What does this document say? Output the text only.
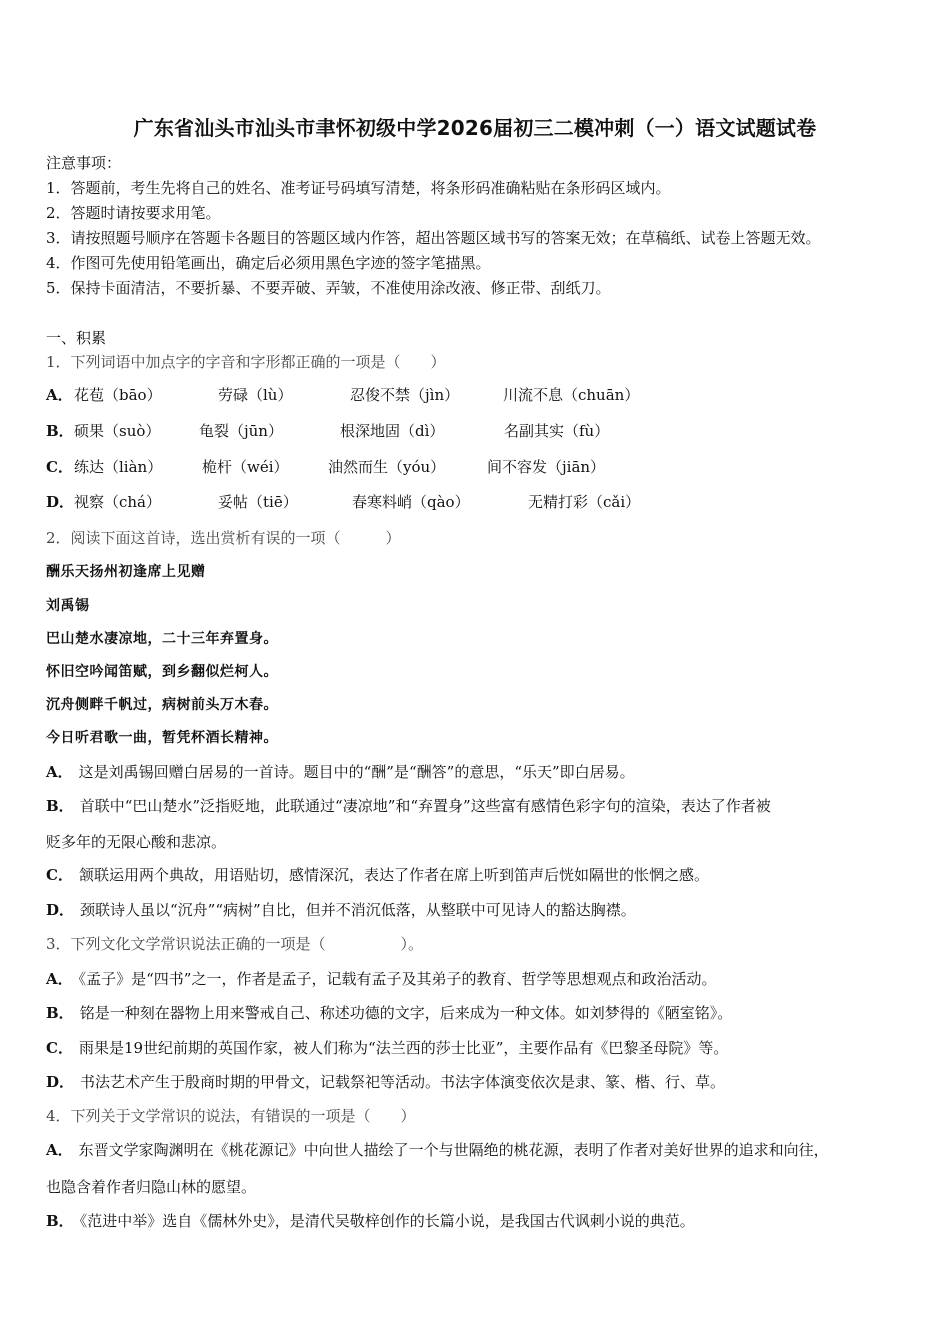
广东省汕头市汕头市聿怀初级中学2026届初三二模冲刺（一）语文试题试卷
注意事项：
1．答题前，考生先将自己的姓名、准考证号码填写清楚，将条形码准确粘贴在条形码区域内。
2．答题时请按要求用笔。
3．请按照题号顺序在答题卡各题目的答题区域内作答，超出答题区域书写的答案无效；在草稿纸、试卷上答题无效。
4．作图可先使用铅笔画出，确定后必须用黑色字迹的签字笔描黑。
5．保持卡面清洁，不要折暴、不要弄破、弄皱，不准使用涂改液、修正带、刮纸刀。
一、积累
1．下列词语中加点字的字音和字形都正确的一项是（　　）
A． 花苞（bāo）	劳碌（lù）	忍俊不禁（jìn）	川流不息（chuān）
B． 硕果（suò）	龟裂（jūn）	根深地固（dì）	名副其实（fù）
C． 练达（liàn）	桅杆（wéi）	油然而生（yóu）	间不容发（jiān）
D． 视察（chá）	妥帖（tiē）	春寒料峭（qào）	无精打彩（cǎi）
2．阅读下面这首诗，选出赏析有误的一项（　　　）
酬乐天扬州初逢席上见赠
刘禹锡
巴山楚水凄凉地，二十三年弃置身。
怀旧空吟闻笛赋，到乡翻似烂柯人。
沉舟侧畔千帆过，病树前头万木春。
今日听君歌一曲，暂凭杯酒长精神。
A． 这是刘禹锡回赠白居易的一首诗。题目中的“酬”是“酬答”的意思，“乐天”即白居易。
B． 首联中“巴山楚水”泛指贬地，此联通过“凄凉地”和“弃置身”这些富有感情色彩字句的渲染，表达了作者被
贬多年的无限心酸和悲凉。
C． 颔联运用两个典故，用语贴切，感情深沉，表达了作者在席上听到笛声后恍如隔世的怅惘之感。
D． 颈联诗人虽以“沉舟”“病树”自比，但并不消沉低落，从整联中可见诗人的豁达胸襟。
3．下列文化文学常识说法正确的一项是（　　　　　）。
A． 《孟子》是“四书”之一，作者是孟子，记载有孟子及其弟子的教育、哲学等思想观点和政治活动。
B． 铭是一种刻在器物上用来警戒自己、称述功德的文字，后来成为一种文体。如刘梦得的《陋室铭》。
C． 雨果是19世纪前期的英国作家，被人们称为“法兰西的莎士比亚”，主要作品有《巴黎圣母院》等。
D． 书法艺术产生于殷商时期的甲骨文，记载祭祀等活动。书法字体演变依次是隶、篆、楷、行、草。
4．下列关于文学常识的说法，有错误的一项是（　　）
A． 东晋文学家陶渊明在《桃花源记》中向世人描绘了一个与世隔绝的桃花源，表明了作者对美好世界的追求和向往，
也隐含着作者归隐山林的愿望。
B． 《范进中举》选自《儒林外史》，是清代吴敬梓创作的长篇小说，是我国古代讽刺小说的典范。
